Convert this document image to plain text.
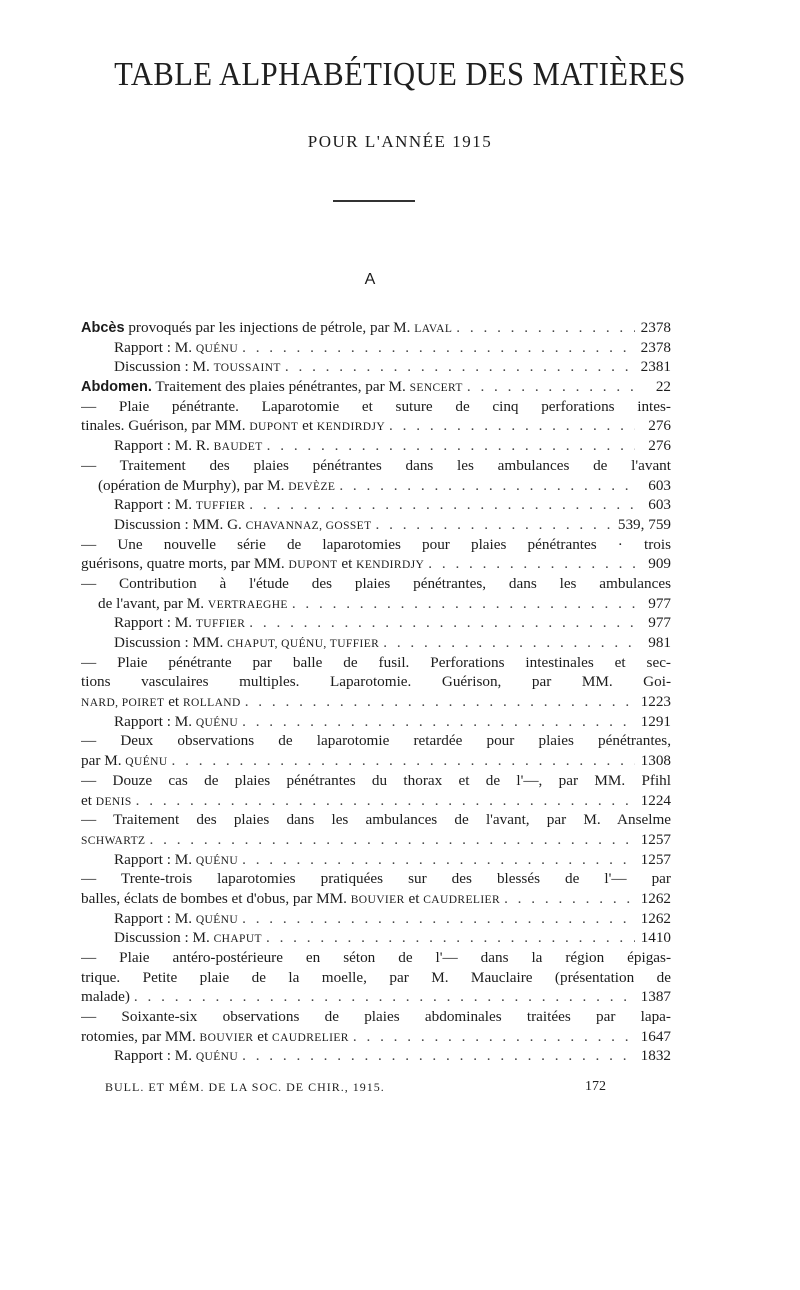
TABLE ALPHABÉTIQUE DES MATIÈRES
POUR L'ANNÉE 1915
A
Abcès provoqués par les injections de pétrole, par M. LAVAL . . .	2378
Rapport : M. QUÉNU . . .	2378
Discussion : M. TOUSSAINT . . .	2381
Abdomen. Traitement des plaies pénétrantes, par M. SENCERT . . .	22
— Plaie pénétrante. Laparotomie et suture de cinq perforations intes-
tinales. Guérison, par MM. DUPONT et KENDIRDJY . . .	276
Rapport : M. R. BAUDET . . .	276
— Traitement des plaies pénétrantes dans les ambulances de l'avant
(opération de Murphy), par M. DEVÈZE . . .	603
Rapport : M. TUFFIER . . .	603
Discussion : MM. G. CHAVANNAZ, GOSSET . . .	539, 759
— Une nouvelle série de laparotomies pour plaies pénétrantes · trois
guérisons, quatre morts, par MM. DUPONT et KENDIRDJY . . .	909
— Contribution à l'étude des plaies pénétrantes, dans les ambulances
de l'avant, par M. VERTRAEGHE . . .	977
Rapport : M. TUFFIER . . .	977
Discussion : MM. CHAPUT, QUÉNU, TUFFIER . . .	981
— Plaie pénétrante par balle de fusil. Perforations intestinales et sec-
tions vasculaires multiples. Laparotomie. Guérison, par MM. Goi-
NARD, POIRET et ROLLAND . . .	1223
Rapport : M. QUÉNU . . .	1291
— Deux observations de laparotomie retardée pour plaies pénétrantes,
par M. QUÉNU . . .	1308
— Douze cas de plaies pénétrantes du thorax et de l'—, par MM. Pfihl
et DENIS . . .	1224
— Traitement des plaies dans les ambulances de l'avant, par M. Anselme
SCHWARTZ . . .	1257
Rapport : M. QUÉNU . . .	1257
— Trente-trois laparotomies pratiquées sur des blessés de l'— par
balles, éclats de bombes et d'obus, par MM. BOUVIER et CAUDRELIER . . .	1262
Rapport : M. QUÉNU . . .	1262
Discussion : M. CHAPUT . . .	1410
— Plaie antéro-postérieure en séton de l'— dans la région épigas-
trique. Petite plaie de la moelle, par M. Mauclaire (présentation de
malade) . . .	1387
— Soixante-six observations de plaies abdominales traitées par lapa-
rotomies, par MM. BOUVIER et CAUDRELIER . . .	1647
Rapport : M. QUÉNU . . .	1832
BULL. ET MÉM. DE LA SOC. DE CHIR., 1915.	172
